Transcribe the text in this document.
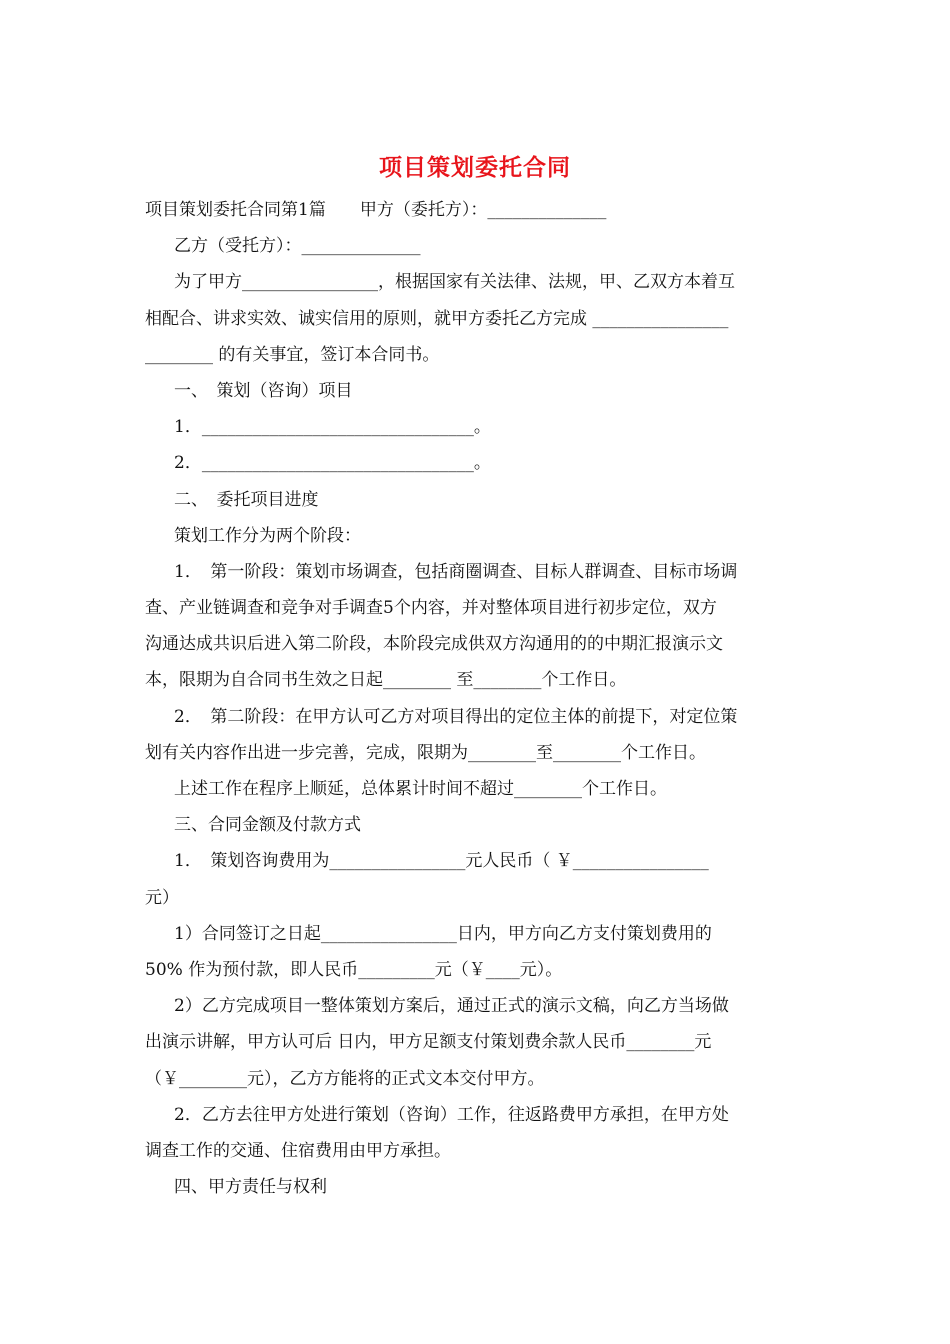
项目策划委托合同
项目策划委托合同第1篇　　甲方（委托方）：______________
乙方（受托方）：______________
为了甲方________________，根据国家有关法律、法规，甲、乙双方本着互
相配合、讲求实效、诚实信用的原则，就甲方委托乙方完成 ________________
________ 的有关事宜，签订本合同书。
一、　策划（咨询）项目
1．________________________________。
2．________________________________。
二、　委托项目进度
策划工作分为两个阶段：
1．　第一阶段：策划市场调查，包括商圈调查、目标人群调查、目标市场调
查、产业链调查和竞争对手调查5个内容，并对整体项目进行初步定位，双方
沟通达成共识后进入第二阶段，本阶段完成供双方沟通用的的中期汇报演示文
本，限期为自合同书生效之日起________ 至________个工作日。
2．　第二阶段：在甲方认可乙方对项目得出的定位主体的前提下，对定位策
划有关内容作出进一步完善，完成，限期为________至________个工作日。
上述工作在程序上顺延，总体累计时间不超过________个工作日。
三、合同金额及付款方式
1．　策划咨询费用为________________元人民币（ ￥________________
元）
1）合同签订之日起________________日内，甲方向乙方支付策划费用的
50% 作为预付款，即人民币_________元（￥____元）。
2）乙方完成项目一整体策划方案后，通过正式的演示文稿，向乙方当场做
出演示讲解，甲方认可后 日内，甲方足额支付策划费余款人民币________元
（￥________元），乙方方能将的正式文本交付甲方。
2．乙方去往甲方处进行策划（咨询）工作，往返路费甲方承担，在甲方处
调查工作的交通、住宿费用由甲方承担。
四、甲方责任与权利
